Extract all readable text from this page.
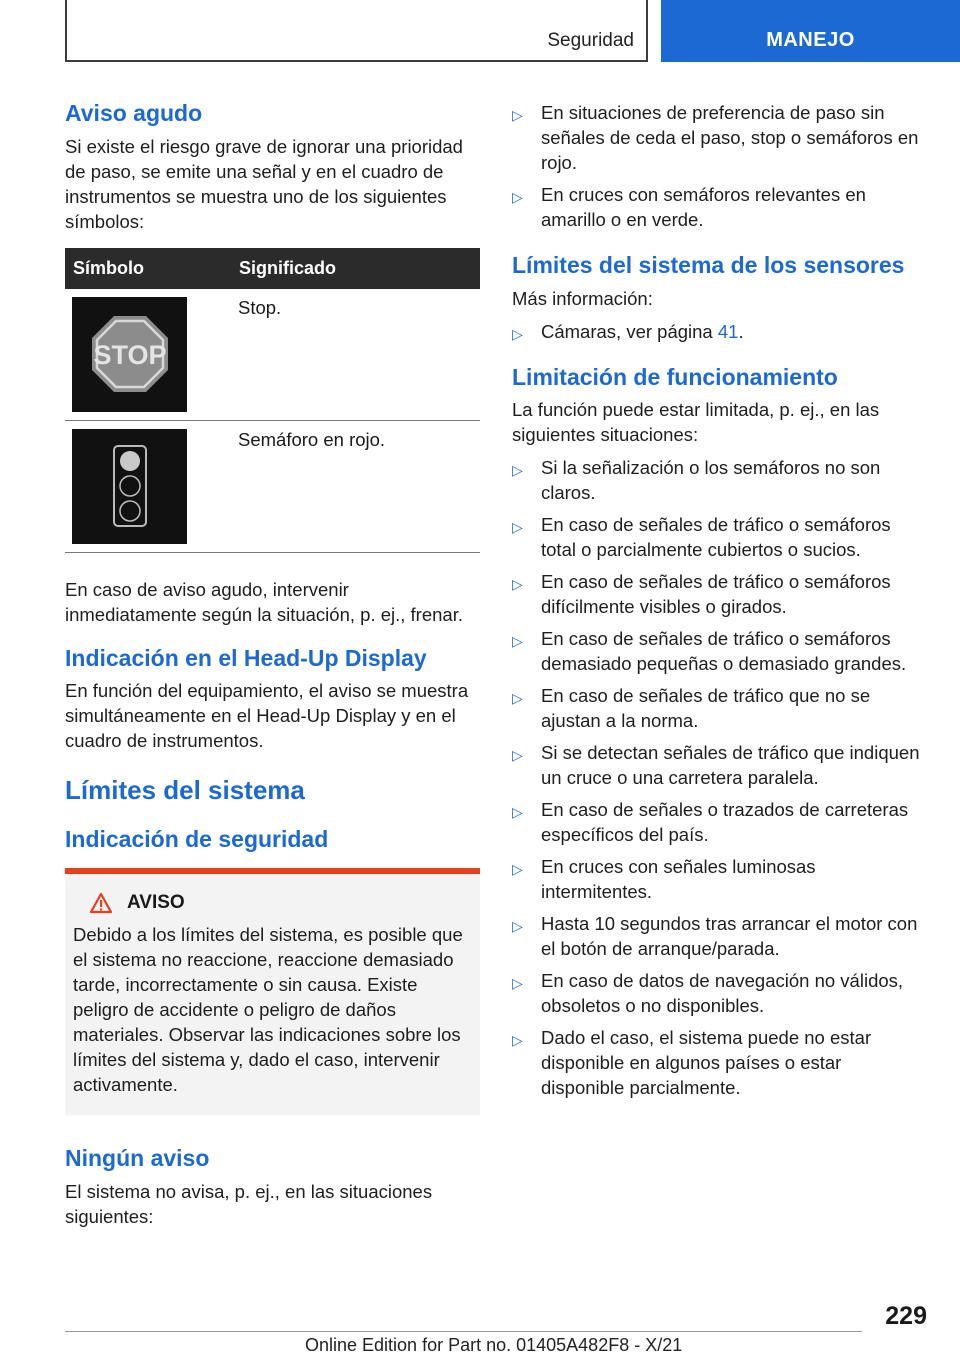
Seguridad	MANEJO
Aviso agudo

Si existe el riesgo grave de ignorar una prioridad de paso, se emite una señal y en el cuadro de instrumentos se muestra uno de los siguientes símbolos:

Símbolo	Significado

STOP	Stop.

	Semáforo en rojo.

En caso de aviso agudo, intervenir inmediatamente según la situación, p. ej., frenar.

Indicación en el Head-Up Display

En función del equipamiento, el aviso se muestra simultáneamente en el Head-Up Display y en el cuadro de instrumentos.

Límites del sistema
Indicación de seguridad
AVISO

Debido a los límites del sistema, es posible que el sistema no reaccione, reaccione demasiado tarde, incorrectamente o sin causa. Existe peligro de accidente o peligro de daños materiales. Observar las indicaciones sobre los límites del sistema y, dado el caso, intervenir activamente.

Ningún aviso

El sistema no avisa, p. ej., en las situaciones siguientes:

▷ En situaciones de preferencia de paso sin señales de ceda el paso, stop o semáforos en rojo.
▷ En cruces con semáforos relevantes en amarillo o en verde.
Límites del sistema de los sensores

Más información:

▷ Cámaras, ver página 41.
Limitación de funcionamiento

La función puede estar limitada, p. ej., en las siguientes situaciones:

▷ Si la señalización o los semáforos no son claros.
▷ En caso de señales de tráfico o semáforos total o parcialmente cubiertos o sucios.
▷ En caso de señales de tráfico o semáforos difícilmente visibles o girados.
▷ En caso de señales de tráfico o semáforos demasiado pequeñas o demasiado grandes.
▷ En caso de señales de tráfico que no se ajustan a la norma.
▷ Si se detectan señales de tráfico que indiquen un cruce o una carretera paralela.
▷ En caso de señales o trazados de carreteras específicos del país.
▷ En cruces con señales luminosas intermitentes.
▷ Hasta 10 segundos tras arrancar el motor con el botón de arranque/parada.
▷ En caso de datos de navegación no válidos, obsoletos o no disponibles.
▷ Dado el caso, el sistema puede no estar disponible en algunos países o estar disponible parcialmente.
229
Online Edition for Part no. 01405A482F8 - X/21
